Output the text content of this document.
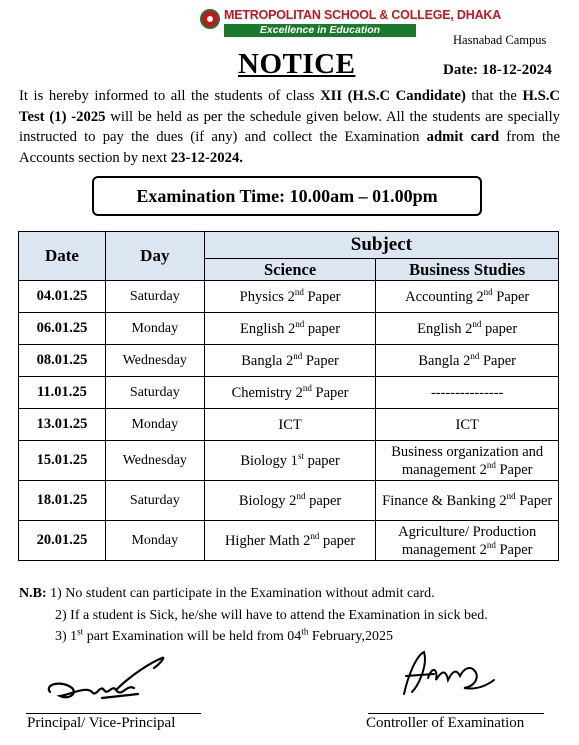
METROPOLITAN SCHOOL & COLLEGE, DHAKA
Excellence in Education
Hasnabad Campus
NOTICE	Date: 18-12-2024
It is hereby informed to all the students of class XII (H.S.C Candidate) that the H.S.C Test (1) -2025 will be held as per the schedule given below. All the students are specially instructed to pay the dues (if any) and collect the Examination admit card from the Accounts section by next 23-12-2024.
Examination Time: 10.00am – 01.00pm
Date	Day	Subject	
		Science	Business Studies
04.01.25	Saturday	Physics 2nd Paper	Accounting 2nd Paper
06.01.25	Monday	English 2nd paper	English 2nd paper
08.01.25	Wednesday	Bangla 2nd Paper	Bangla 2nd Paper
11.01.25	Saturday	Chemistry 2nd Paper	---------------
13.01.25	Monday	ICT	ICT
15.01.25	Wednesday	Biology 1st paper	Business organization and management 2nd Paper
18.01.25	Saturday	Biology 2nd paper	Finance & Banking 2nd Paper
20.01.25	Monday	Higher Math 2nd paper	Agriculture/ Production management 2nd Paper
N.B: 1) No student can participate in the Examination without admit card.
2) If a student is Sick, he/she will have to attend the Examination in sick bed.
3) 1st part Examination will be held from 04th February,2025
Principal/ Vice-Principal	Controller of Examination
